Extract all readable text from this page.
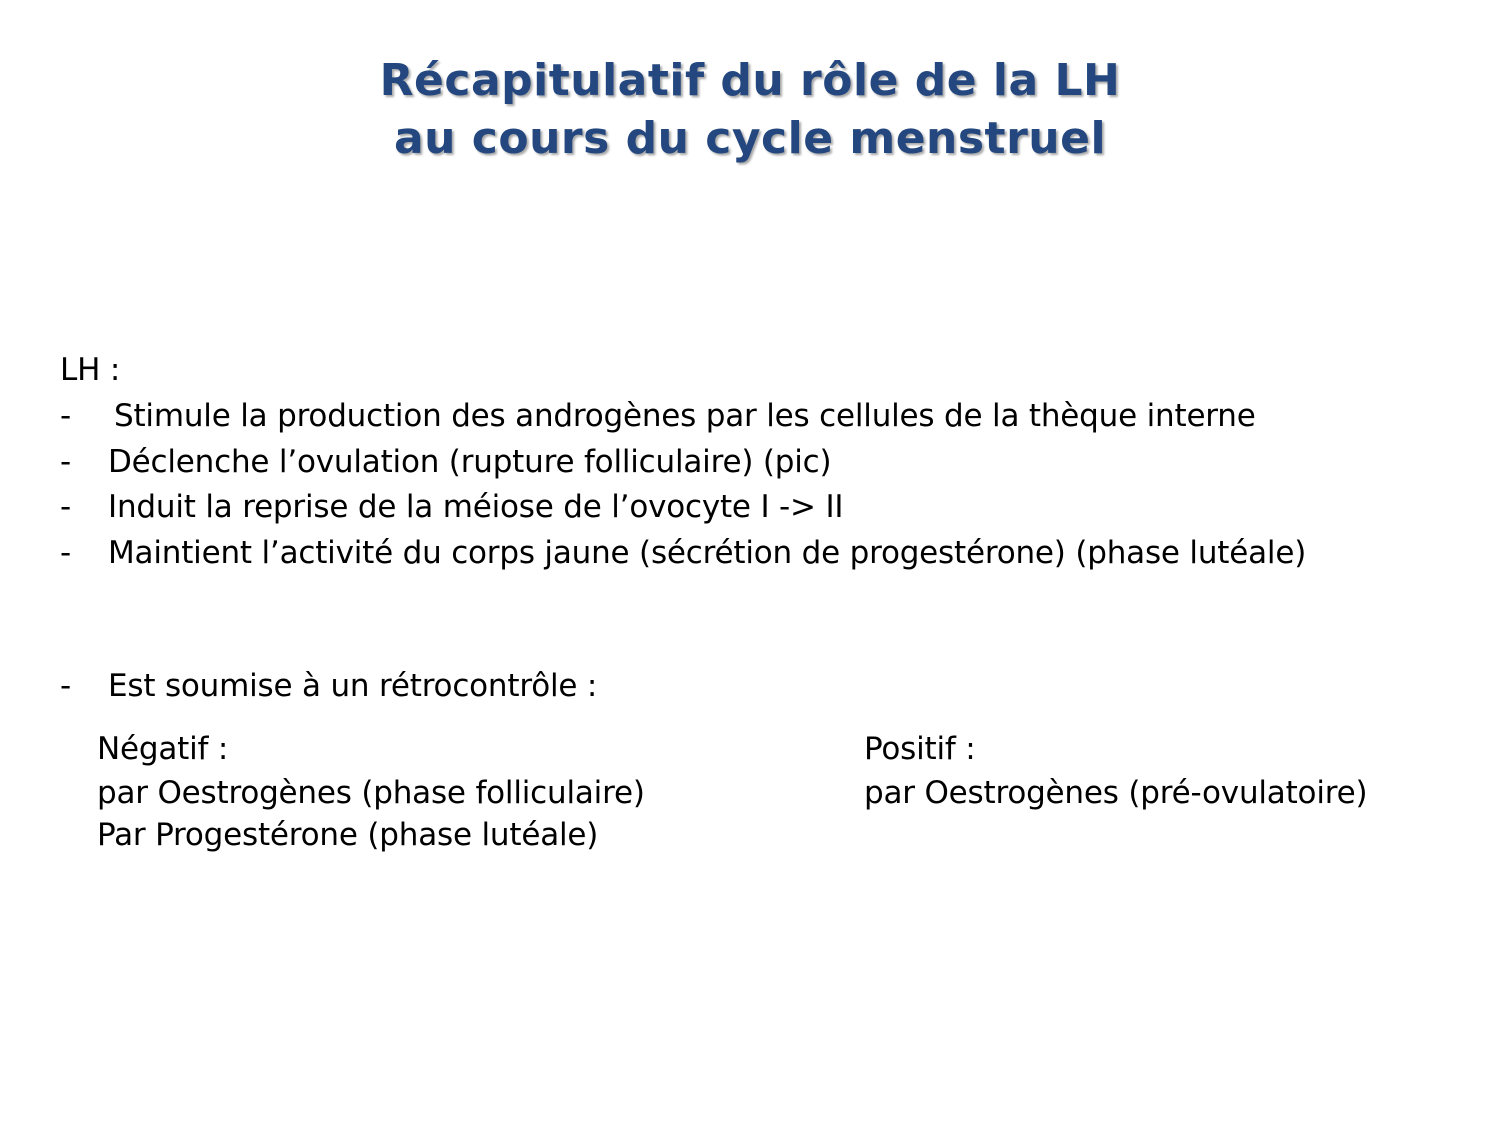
Récapitulatif du rôle de la LH
au cours du cycle menstruel
LH :
- Stimule la production des androgènes par les cellules de la thèque interne
- Déclenche l’ovulation (rupture folliculaire) (pic)
- Induit la reprise de la méiose de l’ovocyte I -> II
- Maintient l’activité du corps jaune (sécrétion de progestérone) (phase lutéale)
- Est soumise à un rétrocontrôle :
Négatif :
par Oestrogènes (phase folliculaire)
Par Progestérone (phase lutéale)
Positif :
par Oestrogènes (pré-ovulatoire)
